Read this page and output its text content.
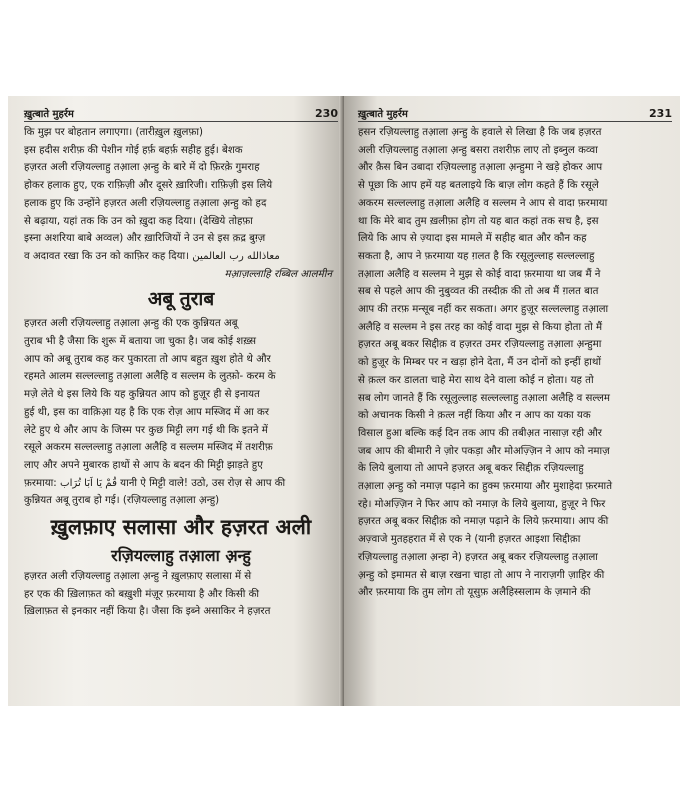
ख़ुत्बाते मुहर्रम	230
कि मुझ पर बोहतान लगाएगा। (तारीख़ुल ख़ुलफ़ा)
इस हदीस शरीफ़ की पेशीन गोई हर्फ़ बहर्फ़ सहीह हुई। बेशक
हज़रत अली रज़ियल्लाहु तआ़ला अ़न्हु के बारे में दो फ़िरक़े गुमराह
होकर हलाक हुए, एक राफ़िज़ी और दूसरे ख़ारिजी। राफ़िज़ी इस लिये
हलाक हुए कि उन्होंने हज़रत अली रज़ियल्लाहु तआ़ला अ़न्हु को हद
से बढ़ाया, यहां तक कि उन को ख़ुदा कह दिया। (देखिये तोहफ़ा
इस्ना अशरिया बाबे अव्वल) और ख़ारिजियों ने उन से इस क़द्र बुग़्ज़
व अदावत रखा कि उन को काफ़िर कह दिया। معاذالله رب العالمین
मआ़ज़ल्लाहि रब्बिल आलमीन
अबू तुराब
हज़रत अली रज़ियल्लाहु तआ़ला अ़न्हु की एक कुन्नियत अबू
तुराब भी है जैसा कि शुरू में बताया जा चुका है। जब कोई शख़्स
आप को अबू तुराब कह कर पुकारता तो आप बहुत ख़ुश होते थे और
रहमते आलम सल्लल्लाहु तआ़ला अलैहि व सल्लम के लुत्फ़ो- करम के
मज़े लेते थे इस लिये कि यह कुन्नियत आप को हुज़ूर ही से इनायत
हुई थी, इस का वाक़िआ़ यह है कि एक रोज़ आप मस्जिद में आ कर
लेटे हुए थे और आप के जिस्म पर कुछ मिट्टी लग गई थी कि इतने में
रसूले अकरम सल्लल्लाहु तआ़ला अलैहि व सल्लम मस्जिद में तशरीफ़
लाए और अपने मुबारक हाथों से आप के बदन की मिट्टी झाड़ते हुए
फ़रमाया: قُمْ يَا اَبَا تُرَاب यानी ऐ मिट्टी वाले! उठो, उस रोज़ से आप की
कुन्नियत अबू तुराब हो गई। (रज़ियल्लाहु तआ़ला अ़न्हु)
ख़ुलफ़ाए सलासा और हज़रत अली
रज़ियल्लाहु तआ़ला अ़न्हु
हज़रत अली रज़ियल्लाहु तआ़ला अ़न्हु ने ख़ुलफ़ाए सलासा में से
हर एक की ख़िलाफ़त को बख़ुशी मंज़ूर फ़रमाया है और किसी की
ख़िलाफ़त से इनकार नहीं किया है। जैसा कि इब्ने असाकिर ने हज़रत
ख़ुत्बाते मुहर्रम	231
हसन रज़ियल्लाहु तआ़ला अ़न्हु के हवाले से लिखा है कि जब हज़रत
अली रज़ियल्लाहु तआ़ला अ़न्हु बसरा तशरीफ़ लाए तो इब्नुल कव्वा
और क़ैस बिन उबादा रज़ियल्लाहु तआ़ला अ़न्हुमा ने खड़े होकर आप
से पूछा कि आप हमें यह बतलाइये कि बाज़ लोग कहते हैं कि रसूले
अकरम सल्लल्लाहु तआ़ला अलैहि व सल्लम ने आप से वादा फ़रमाया
था कि मेरे बाद तुम ख़लीफ़ा होग तो यह बात कहां तक सच है, इस
लिये कि आप से ज़्यादा इस मामले में सहीह बात और कौन कह
सकता है, आप ने फ़रमाया यह ग़लत है कि रसूलुल्लाह सल्लल्लाहु
तआ़ला अलैहि व सल्लम ने मुझ से कोई वादा फ़रमाया था जब मैं ने
सब से पहले आप की नुबुव्वत की तस्दीक़ की तो अब मैं ग़लत बात
आप की तरफ़ मन्सूब नहीं कर सकता। अगर हुज़ूर सल्लल्लाहु तआ़ला
अलैहि व सल्लम ने इस तरह का कोई वादा मुझ से किया होता तो मैं
हज़रत अबू बकर सिद्दीक़ व हज़रत उमर रज़ियल्लाहु तआ़ला अ़न्हुमा
को हुज़ूर के मिम्बर पर न खड़ा होने देता, मैं उन दोनों को इन्हीं हाथों
से क़त्ल कर डालता चाहे मेरा साथ देने वाला कोई न होता। यह तो
सब लोग जानते हैं कि रसूलुल्लाह सल्लल्लाहु तआ़ला अलैहि व सल्लम
को अचानक किसी ने क़त्ल नहीं किया और न आप का यका यक
विसाल हुआ बल्कि कई दिन तक आप की तबीअ़त नासाज़ रही और
जब आप की बीमारी ने ज़ोर पकड़ा और मोअज़्ज़िन ने आप को नमाज़
के लिये बुलाया तो आपने हज़रत अबू बकर सिद्दीक़ रज़ियल्लाहु
तआ़ला अ़न्हु को नमाज़ पढ़ाने का हुक्म फ़रमाया और मुशाहेदा फ़रमाते
रहे। मोअज़्ज़िन ने फिर आप को नमाज़ के लिये बुलाया, हुज़ूर ने फिर
हज़रत अबू बकर सिद्दीक़ को नमाज़ पढ़ाने के लिये फ़रमाया। आप की
अज़्वाजे मुतहहरात में से एक ने (यानी हज़रत आइशा सिद्दीक़ा
रज़ियल्लाहु तआ़ला अ़न्हा ने) हज़रत अबू बकर रज़ियल्लाहु तआ़ला
अ़न्हु को इमामत से बाज़ रखना चाहा तो आप ने नाराज़गी ज़ाहिर की
और फ़रमाया कि तुम लोग तो यूसुफ़ अलैहिस्सलाम के ज़माने की
